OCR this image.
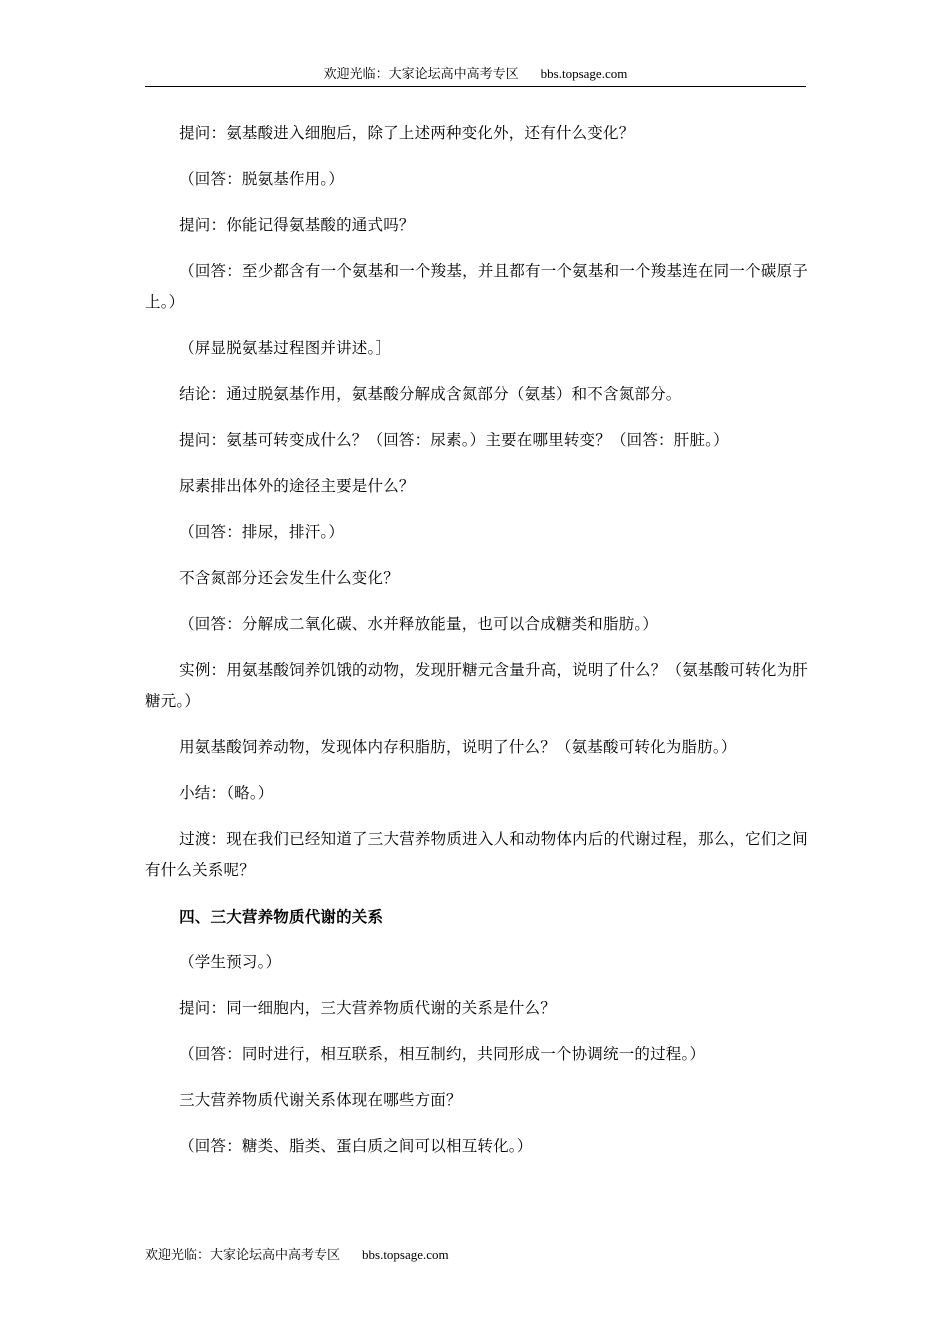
欢迎光临：大家论坛高中高考专区 bbs.topsage.com

提问：氨基酸进入细胞后，除了上述两种变化外，还有什么变化？

（回答：脱氨基作用。）

提问：你能记得氨基酸的通式吗？

（回答：至少都含有一个氨基和一个羧基，并且都有一个氨基和一个羧基连在同一个碳原子上。）

（屏显脱氨基过程图并讲述。］

结论：通过脱氨基作用，氨基酸分解成含氮部分（氨基）和不含氮部分。

提问：氨基可转变成什么？（回答：尿素。）主要在哪里转变？（回答：肝脏。）

尿素排出体外的途径主要是什么？

（回答：排尿，排汗。）

不含氮部分还会发生什么变化？

（回答：分解成二氧化碳、水并释放能量，也可以合成糖类和脂肪。）

实例：用氨基酸饲养饥饿的动物，发现肝糖元含量升高，说明了什么？（氨基酸可转化为肝糖元。）

用氨基酸饲养动物，发现体内存积脂肪，说明了什么？（氨基酸可转化为脂肪。）

小结：（略。）

过渡：现在我们已经知道了三大营养物质进入人和动物体内后的代谢过程，那么，它们之间有什么关系呢？

四、三大营养物质代谢的关系

（学生预习。）

提问：同一细胞内，三大营养物质代谢的关系是什么？

（回答：同时进行，相互联系，相互制约，共同形成一个协调统一的过程。）

三大营养物质代谢关系体现在哪些方面？

（回答：糖类、脂类、蛋白质之间可以相互转化。）

欢迎光临：大家论坛高中高考专区 bbs.topsage.com
